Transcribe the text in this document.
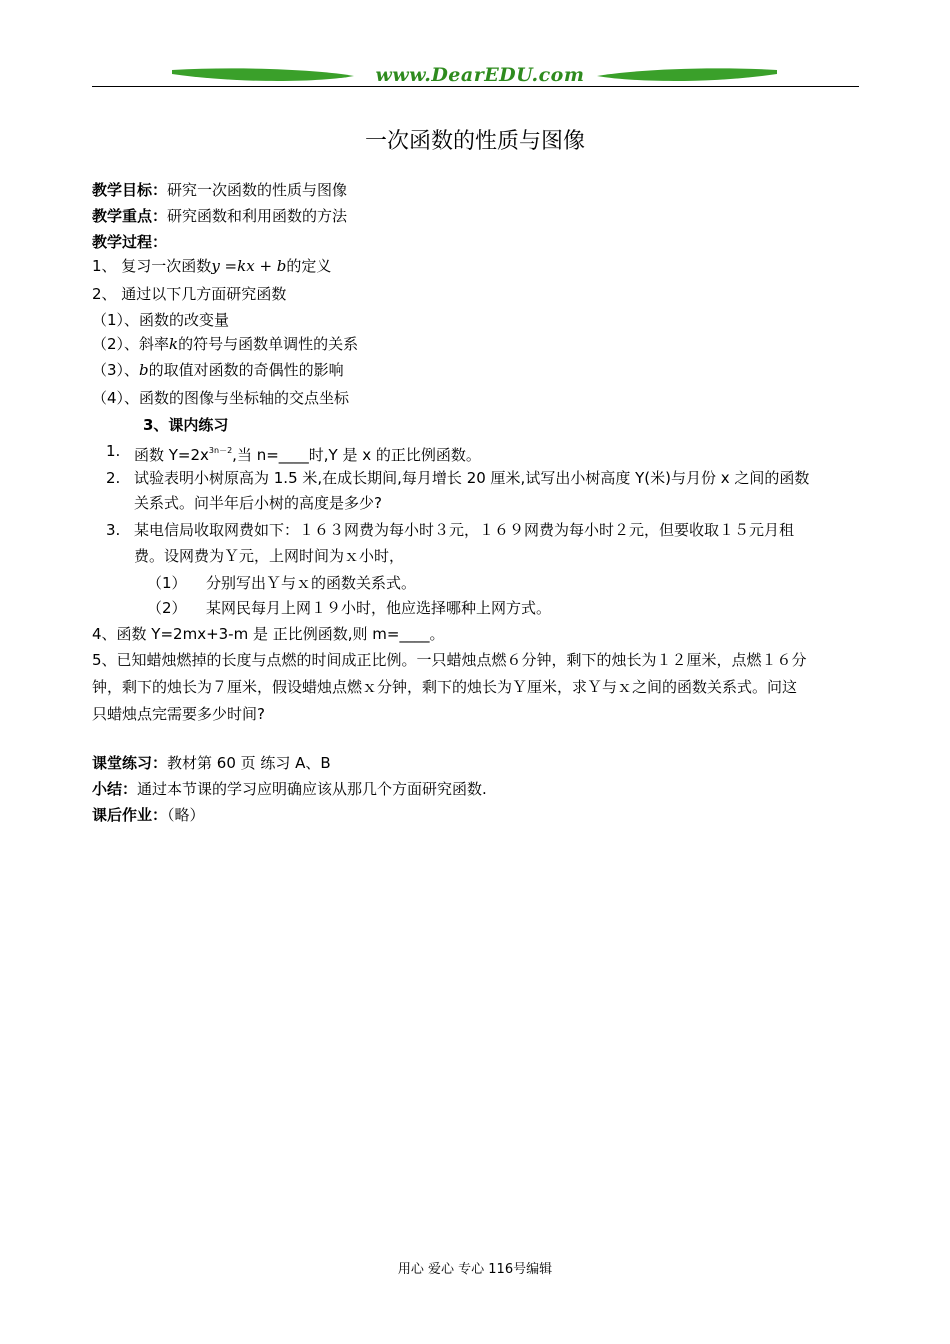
www.DearEDU.com
一次函数的性质与图像
教学目标：研究一次函数的性质与图像
教学重点：研究函数和利用函数的方法
教学过程：
1、 复习一次函数y =kx + b的定义
2、 通过以下几方面研究函数
（1）、函数的改变量
（2）、斜率k的符号与函数单调性的关系
（3）、b的取值对函数的奇偶性的影响
（4）、函数的图像与坐标轴的交点坐标
3、课内练习
1. 函数 $Y=2x^{3n-2}$,当 n=____时,Y 是 x 的正比例函数。
2. 试验表明小树原高为 1.5 米,在成长期间,每月增长 20 厘米,试写出小树高度 Y(米)与月份 x 之间的函数
关系式。问半年后小树的高度是多少?
3. 某电信局收取网费如下：１６３网费为每小时３元，１６９网费为每小时２元，但要收取１５元月租
费。设网费为Ｙ元，上网时间为ｘ小时，
（1） 分别写出Ｙ与ｘ的函数关系式。
（2） 某网民每月上网１９小时，他应选择哪种上网方式。
4、函数 Y=2mx+3-m 是 正比例函数,则 m=____。
5、已知蜡烛燃掉的长度与点燃的时间成正比例。一只蜡烛点燃６分钟，剩下的烛长为１２厘米，点燃１６分
钟，剩下的烛长为７厘米，假设蜡烛点燃ｘ分钟，剩下的烛长为Ｙ厘米，求Ｙ与ｘ之间的函数关系式。问这
只蜡烛点完需要多少时间?
课堂练习：教材第 60 页 练习 A、B
小结：通过本节课的学习应明确应该从那几个方面研究函数.
课后作业：（略）
用心 爱心 专心 116号编辑
